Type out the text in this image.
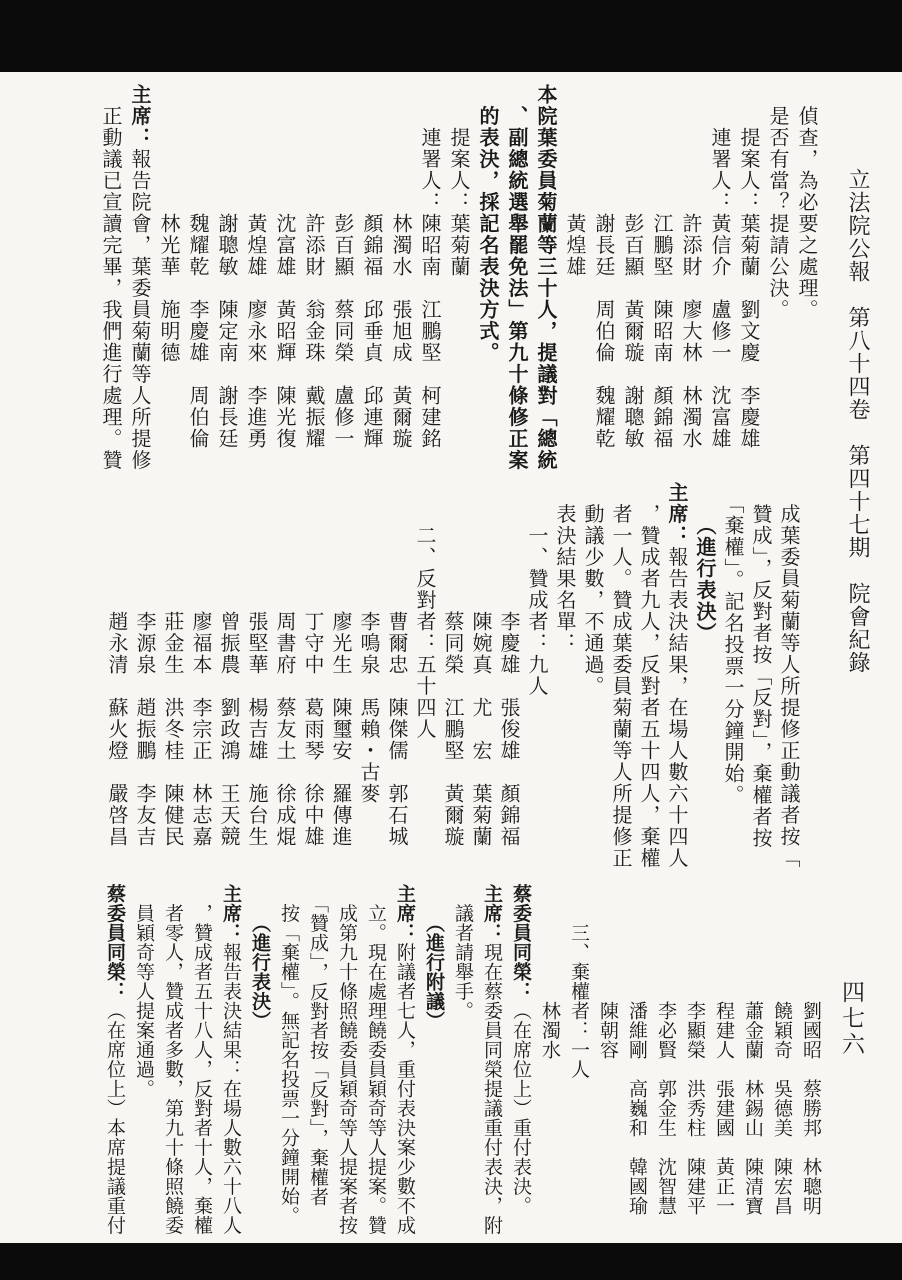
立法院公報　第八十四卷　第四十七期　院會紀錄
四七六

　偵查，為必要之處理。

　是否有當？提請公決。

　　提案人：葉菊蘭　劉文慶　李慶雄

　　連署人：黃信介　盧修一　沈富雄

　　　　　　許添財　廖大林　林濁水

　　　　　　江鵬堅　陳昭南　顏錦福

　　　　　　彭百顯　黃爾璇　謝聰敏

　　　　　　謝長廷　周伯倫　魏耀乾

　　　　　　黃煌雄

本院葉委員菊蘭等三十人，提議對「總統

　、副總統選舉罷免法」第九十條修正案

　的表決，採記名表決方式。

　　提案人：葉菊蘭

　　連署人：陳昭南　江鵬堅　柯建銘

　　　　　　林濁水　張旭成　黃爾璇

　　　　　　顏錦福　邱垂貞　邱連輝

　　　　　　彭百顯　蔡同榮　盧修一

　　　　　　許添財　翁金珠　戴振耀

　　　　　　沈富雄　黃昭輝　陳光復

　　　　　　黃煌雄　廖永來　李進勇

　　　　　　謝聰敏　陳定南　謝長廷

　　　　　　魏耀乾　李慶雄　周伯倫

　　　　　　林光華　施明德

主席：報告院會，葉委員菊蘭等人所提修

　正動議已宣讀完畢，我們進行處理。贊

　成葉委員菊蘭等人所提修正動議者按「

　贊成」，反對者按「反對」，棄權者按

　「棄權」。記名投票一分鐘開始。

　　（進行表決）

主席：報告表決結果，在場人數六十四人

　，贊成者九人，反對者五十四人，棄權

　者一人。贊成葉委員菊蘭等人所提修正

　動議少數，不通過。

　表決結果名單：

　　一、贊成者：九人

　　　　　　李慶雄　張俊雄　顏錦福

　　　　　　陳婉真　尤　宏　葉菊蘭

　　　　　　蔡同榮　江鵬堅　黃爾璇

　　二、反對者：五十四人

　　　　　　曹爾忠　陳傑儒　郭石城

　　　　　　李鳴泉　馬賴・古麥

　　　　　　廖光生　陳璽安　羅傳進

　　　　　　丁守中　葛雨琴　徐中雄

　　　　　　周書府　蔡友土　徐成焜

　　　　　　張堅華　楊吉雄　施台生

　　　　　　曾振農　劉政鴻　王天競

　　　　　　廖福本　李宗正　林志嘉

　　　　　　莊金生　洪冬桂　陳健民

　　　　　　李源泉　趙振鵬　李友吉

　　　　　　趙永清　蘇火燈　嚴啓昌

　　　　　　劉國昭　蔡勝邦　林聰明

　　　　　　饒穎奇　吳德美　陳宏昌

　　　　　　蕭金蘭　林錫山　陳清寶

　　　　　　程建人　張建國　黃正一

　　　　　　李顯榮　洪秀柱　陳建平

　　　　　　李必賢　郭金生　沈智慧

　　　　　　潘維剛　高巍和　韓國瑜

　　　　　　陳朝容

　　三、棄權者：一人

　　　　　　林濁水

蔡委員同榮：（在席位上）重付表決。

主席：現在蔡委員同榮提議重付表決，附

　議者請舉手。

　　（進行附議）

主席：附議者七人，重付表決案少數不成

　立。現在處理饒委員穎奇等人提案。贊

　成第九十條照饒委員穎奇等人提案者按

　「贊成」，反對者按「反對」，棄權者

　按「棄權」。無記名投票一分鐘開始。

　　（進行表決）

主席：報告表決結果：在場人數六十八人

　，贊成者五十八人，反對者十人，棄權

　者零人，贊成者多數，第九十條照饒委

　員穎奇等人提案通過。

蔡委員同榮：（在席位上）本席提議重付
